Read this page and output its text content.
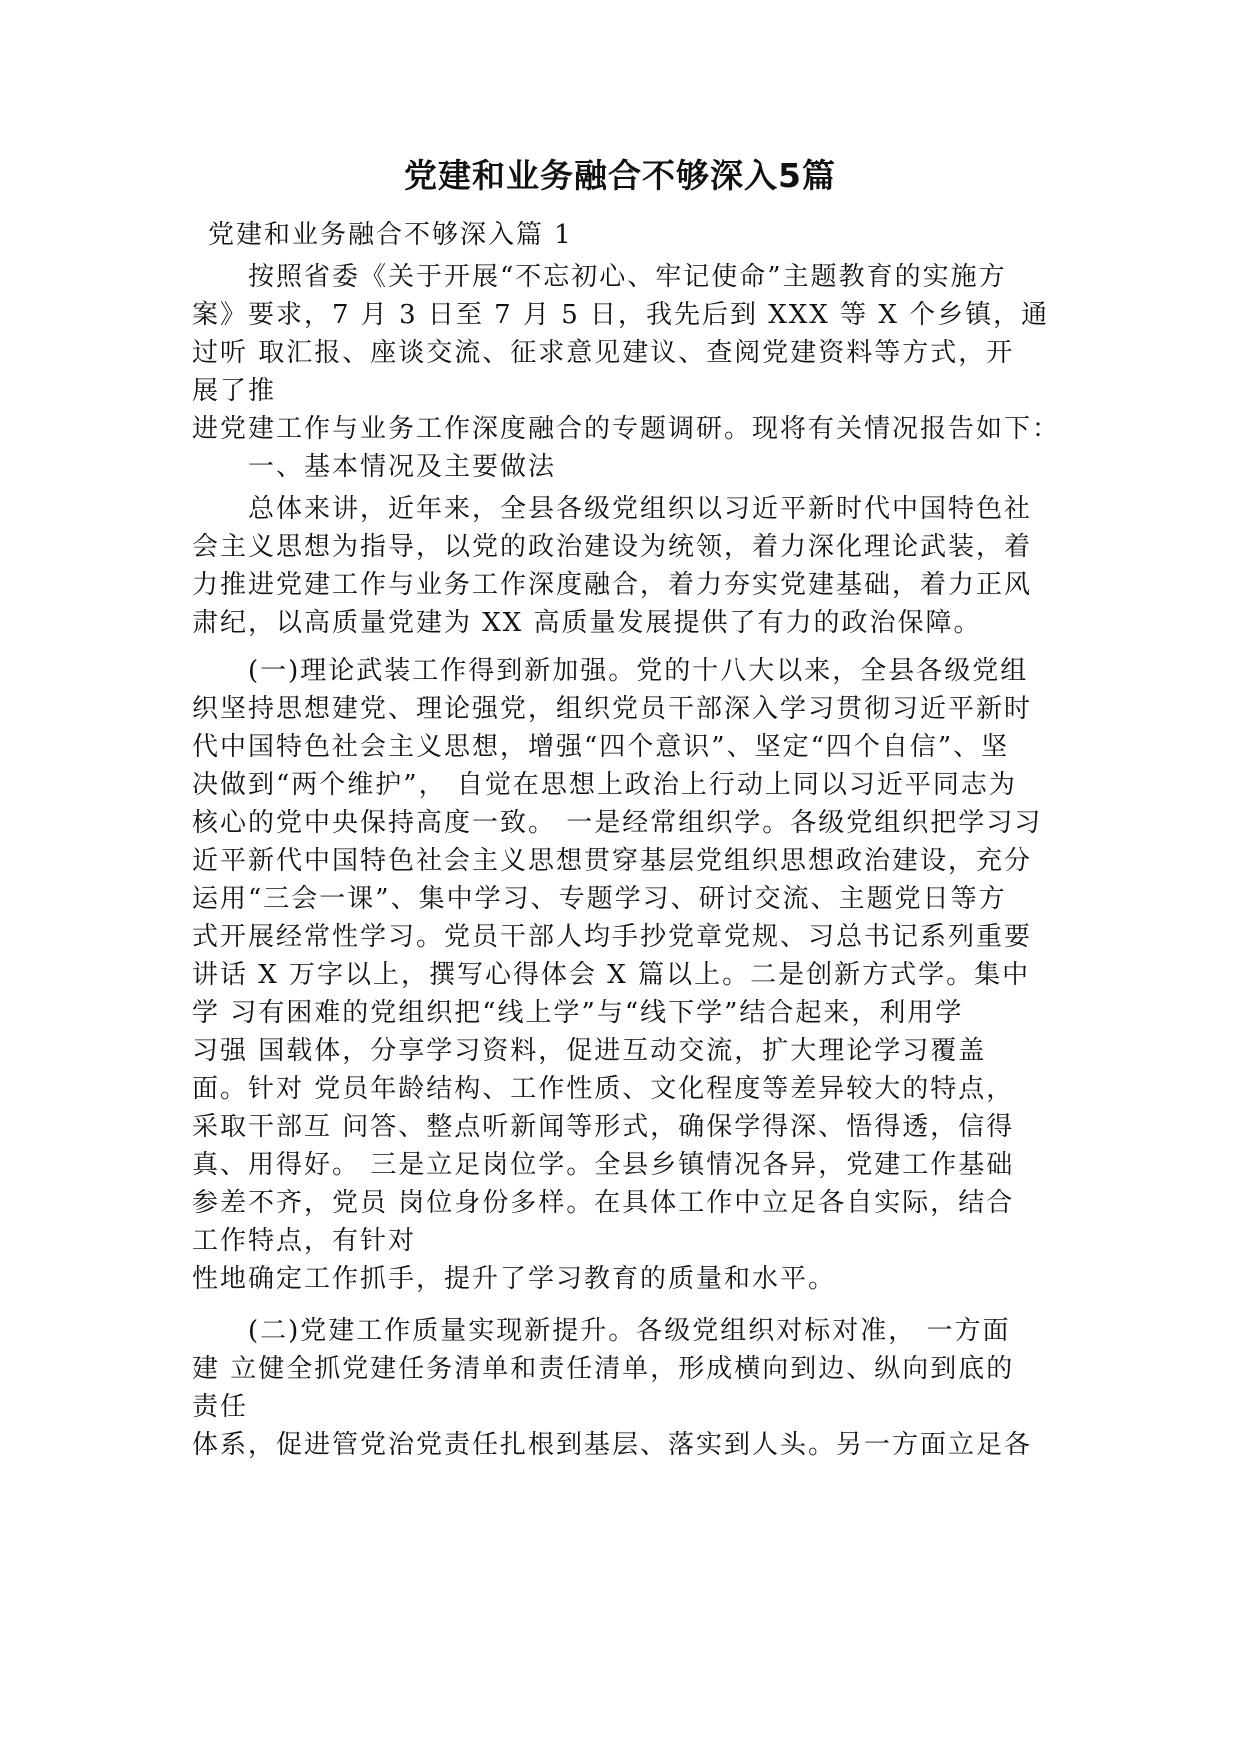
党建和业务融合不够深入5篇
党建和业务融合不够深入篇 1
按照省委《关于开展“不忘初心、牢记使命”主题教育的实施方
案》要求，7 月 3 日至 7 月 5 日，我先后到 XXX 等 X 个乡镇，通
过听 取汇报、座谈交流、征求意见建议、查阅党建资料等方式，开
展了推
进党建工作与业务工作深度融合的专题调研。现将有关情况报告如下：
一、基本情况及主要做法
总体来讲，近年来，全县各级党组织以习近平新时代中国特色社
会主义思想为指导，以党的政治建设为统领，着力深化理论武装，着
力推进党建工作与业务工作深度融合，着力夯实党建基础，着力正风
肃纪，以高质量党建为 XX 高质量发展提供了有力的政治保障。
(一)理论武装工作得到新加强。党的十八大以来，全县各级党组
织坚持思想建党、理论强党，组织党员干部深入学习贯彻习近平新时
代中国特色社会主义思想，增强“四个意识”、坚定“四个自信”、坚
决做到“两个维护”， 自觉在思想上政治上行动上同以习近平同志为
核心的党中央保持高度一致。 一是经常组织学。各级党组织把学习习
近平新代中国特色社会主义思想贯穿基层党组织思想政治建设，充分
运用“三会一课”、集中学习、专题学习、研讨交流、主题党日等方
式开展经常性学习。党员干部人均手抄党章党规、习总书记系列重要
讲话 X 万字以上，撰写心得体会 X 篇以上。二是创新方式学。集中
学 习有困难的党组织把“线上学”与“线下学”结合起来，利用学
习强 国载体，分享学习资料，促进互动交流，扩大理论学习覆盖
面。针对 党员年龄结构、工作性质、文化程度等差异较大的特点，
采取干部互 问答、整点听新闻等形式，确保学得深、悟得透，信得
真、用得好。 三是立足岗位学。全县乡镇情况各异，党建工作基础
参差不齐，党员 岗位身份多样。在具体工作中立足各自实际，结合
工作特点，有针对
性地确定工作抓手，提升了学习教育的质量和水平。
(二)党建工作质量实现新提升。各级党组织对标对准， 一方面
建 立健全抓党建任务清单和责任清单，形成横向到边、纵向到底的
责任
体系，促进管党治党责任扎根到基层、落实到人头。另一方面立足各
